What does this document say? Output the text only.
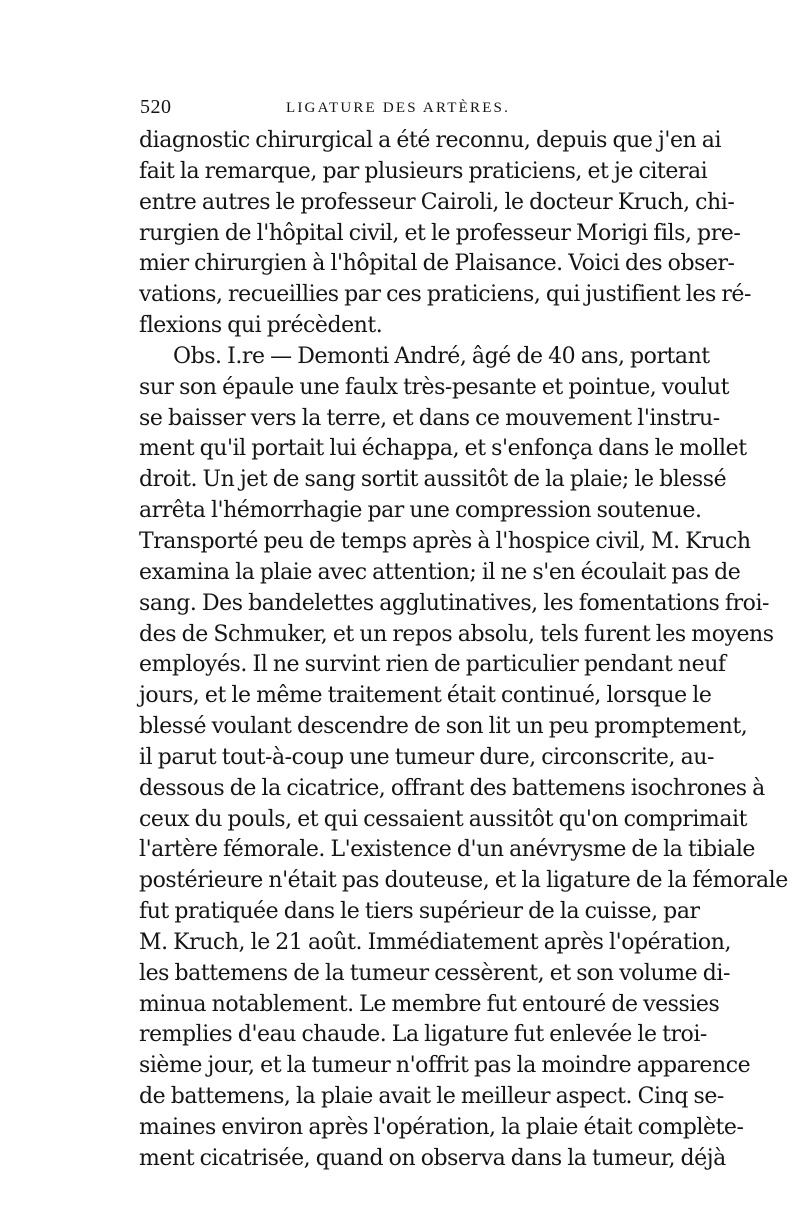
520	LIGATURE DES ARTÈRES.
diagnostic chirurgical a été reconnu, depuis que j'en ai
fait la remarque, par plusieurs praticiens, et je citerai
entre autres le professeur Cairoli, le docteur Kruch, chi-
rurgien de l'hôpital civil, et le professeur Morigi fils, pre-
mier chirurgien à l'hôpital de Plaisance. Voici des obser-
vations, recueillies par ces praticiens, qui justifient les ré-
flexions qui précèdent.
Obs. I.re — Demonti André, âgé de 40 ans, portant
sur son épaule une faulx très-pesante et pointue, voulut
se baisser vers la terre, et dans ce mouvement l'instru-
ment qu'il portait lui échappa, et s'enfonça dans le mollet
droit. Un jet de sang sortit aussitôt de la plaie; le blessé
arrêta l'hémorrhagie par une compression soutenue.
Transporté peu de temps après à l'hospice civil, M. Kruch
examina la plaie avec attention; il ne s'en écoulait pas de
sang. Des bandelettes agglutinatives, les fomentations froi-
des de Schmuker, et un repos absolu, tels furent les moyens
employés. Il ne survint rien de particulier pendant neuf
jours, et le même traitement était continué, lorsque le
blessé voulant descendre de son lit un peu promptement,
il parut tout-à-coup une tumeur dure, circonscrite, au-
dessous de la cicatrice, offrant des battemens isochrones à
ceux du pouls, et qui cessaient aussitôt qu'on comprimait
l'artère fémorale. L'existence d'un anévrysme de la tibiale
postérieure n'était pas douteuse, et la ligature de la fémorale
fut pratiquée dans le tiers supérieur de la cuisse, par
M. Kruch, le 21 août. Immédiatement après l'opération,
les battemens de la tumeur cessèrent, et son volume di-
minua notablement. Le membre fut entouré de vessies
remplies d'eau chaude. La ligature fut enlevée le troi-
sième jour, et la tumeur n'offrit pas la moindre apparence
de battemens, la plaie avait le meilleur aspect. Cinq se-
maines environ après l'opération, la plaie était complète-
ment cicatrisée, quand on observa dans la tumeur, déjà
